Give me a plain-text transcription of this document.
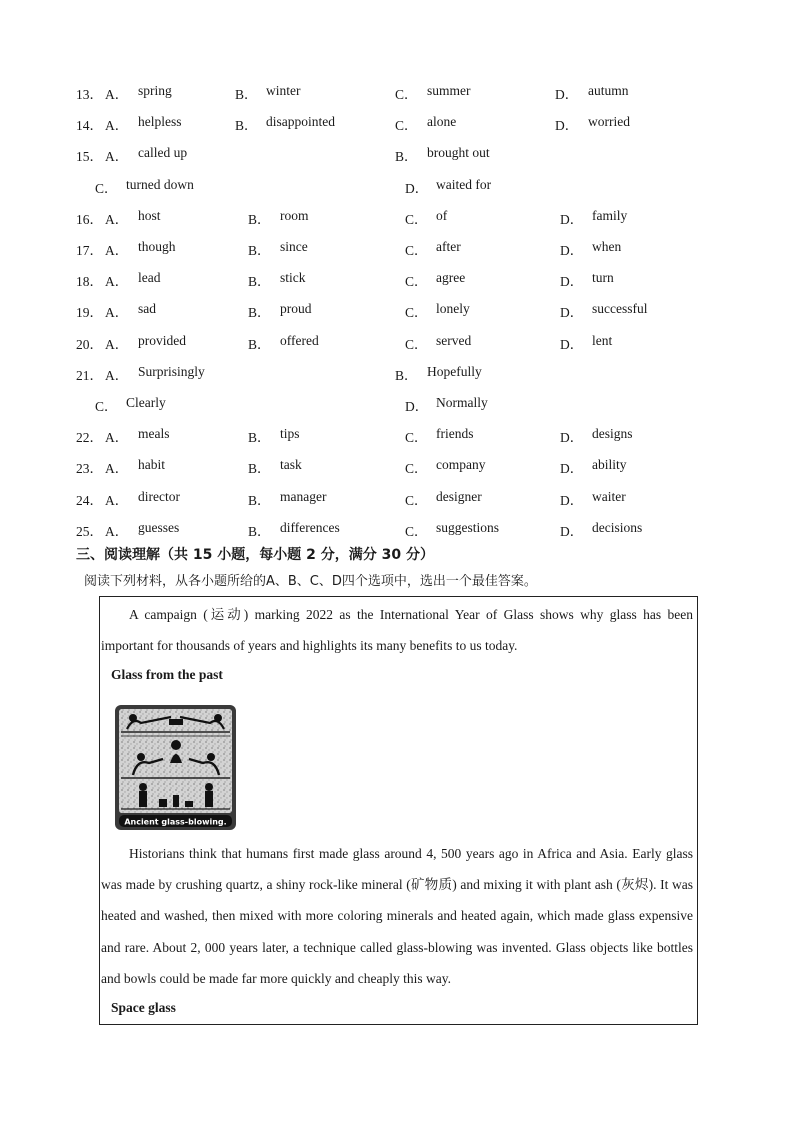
13． A． spring	B． winter	C． summer	D． autumn
14． A． helpless	B． disappointed	C． alone	D． worried
15． A． called up	B． brought out
C． turned down	D． waited for
16． A． host	B． room	C． of	D． family
17． A． though	B． since	C． after	D． when
18． A． lead	B． stick	C． agree	D． turn
19． A． sad	B． proud	C． lonely	D． successful
20． A． provided	B． offered	C． served	D． lent
21． A． Surprisingly	B． Hopefully
C． Clearly	D． Normally
22． A． meals	B． tips	C． friends	D． designs
23． A． habit	B． task	C． company	D． ability
24． A． director	B． manager	C． designer	D． waiter
25． A． guesses	B． differences	C． suggestions	D． decisions
三、阅读理解（共 15 小题，每小题 2 分，满分 30 分）
阅读下列材料，从各小题所给的A、B、C、D四个选项中，选出一个最佳答案。

A campaign (运动) marking 2022 as the International Year of Glass shows why glass has been important for thousands of years and highlights its many benefits to us today.

Glass from the past
Ancient glass-blowing.

Historians think that humans first made glass around 4, 500 years ago in Africa and Asia. Early glass was made by crushing quartz, a shiny rock-like mineral (矿物质) and mixing it with plant ash (灰烬). It was heated and washed, then mixed with more coloring minerals and heated again, which made glass expensive and rare. About 2, 000 years later, a technique called glass-blowing was invented. Glass objects like bottles and bowls could be made far more quickly and cheaply this way.

Space glass
